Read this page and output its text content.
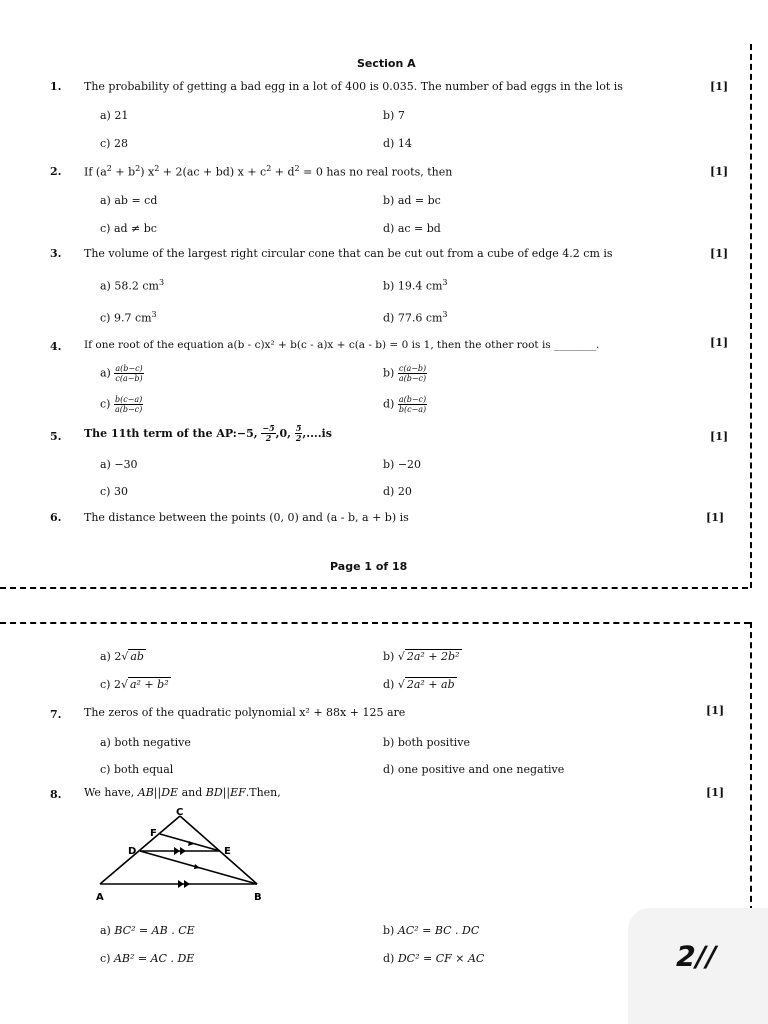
Section A
1. The probability of getting a bad egg in a lot of 400 is 0.035. The number of bad eggs in the lot is	[1]
a) 21	b) 7
c) 28	d) 14
2. If $(a^2 + b^2) x^2 + 2(ac + bd) x + c^2 + d^2 = 0$ has no real roots, then	[1]
a) ab = cd	b) ad = bc
c) ad ≠ bc	d) ac = bd
3. The volume of the largest right circular cone that can be cut out from a cube of edge 4.2 cm is	[1]
a) 58.2 $cm^3$	b) 19.4 $cm^3$
c) 9.7 $cm^3$	d) 77.6 $cm^3$
4. If one root of the equation a(b - c)x² + b(c - a)x + c(a - b) = 0 is 1, then the other root is ________.	[1]
$a) \frac{a(b-c)}{c(a-b)}$	$b) \frac{c(a-b)}{a(b-c)}$
$c) \frac{b(c-a)}{a(b-c)}$	$d) \frac{a(b-c)}{b(c-a)}$
5. The 11th term of the AP:−5, $\frac{-5}{2} ,0$, $\frac{5}{2} ,....is$	[1]
a) −30	b) −20
c) 30	d) 20
6. The distance between the points (0, 0) and (a - b, a + b) is	[1]
Page 1 of 18
a) 2√ ab	b) √ 2a² + 2b²
c) 2√ a² + b²	d) √ 2a² + ab
7. The zeros of the quadratic polynomial x² + 88x + 125 are	[1]
a) both negative	b) both positive
c) both equal	d) one positive and one negative
8. We have, AB||DE and BD||EF.Then,	[1]
C
F
D	E
A	B
a) BC² = AB . CE	b) AC² = BC . DC
c) AB² = AC . DE	d) DC² = CF × AC	2//
